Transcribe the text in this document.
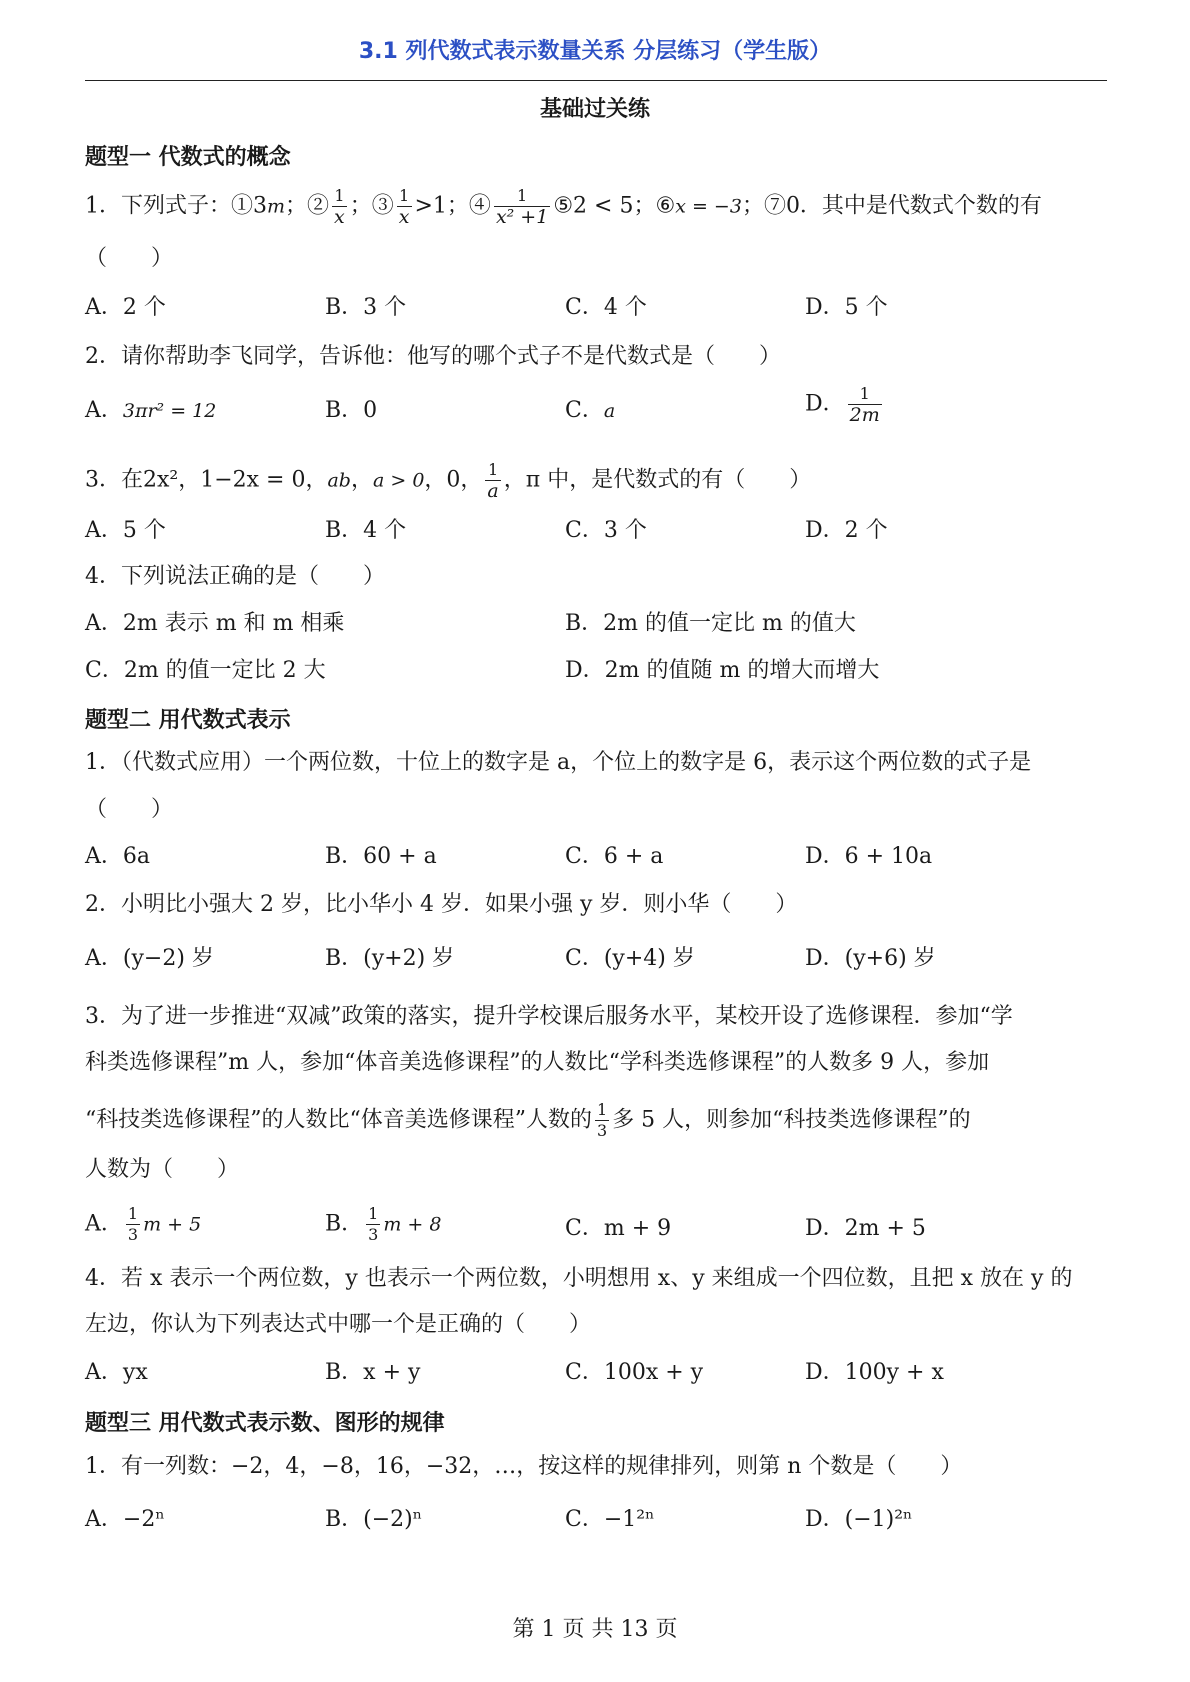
3.1 列代数式表示数量关系 分层练习（学生版）
基础过关练
题型一 代数式的概念
1．下列式子：①3m；② $\frac{1}{x}$ ；③ $\frac{1}{x} >1$；④ $\frac{1}{\text{x² +1}}$ ⑤2 < 5；⑥x = −3；⑦0．其中是代数式个数的有
（　　）
A．2 个	B．3 个	C．4 个	D．5 个
2．请你帮助李飞同学，告诉他：他写的哪个式子不是代数式是（　　）
A．3πr² = 12	B．0	C．a	D． $\frac{1}{2m}$
3．在2x²，1−2x = 0，ab，a > 0，0， $\frac{1}{a}$ ，π 中，是代数式的有（　　）
A．5 个	B．4 个	C．3 个	D．2 个
4．下列说法正确的是（　　）
A．2m 表示 m 和 m 相乘	B．2m 的值一定比 m 的值大
C．2m 的值一定比 2 大	D．2m 的值随 m 的增大而增大
题型二 用代数式表示
1．（代数式应用）一个两位数，十位上的数字是 a，个位上的数字是 6，表示这个两位数的式子是
（　　）
A．6a	B．60 + a	C．6 + a	D．6 + 10a
2．小明比小强大 2 岁，比小华小 4 岁．如果小强 y 岁．则小华（　　）
A．(y−2) 岁	B．(y+2) 岁	C．(y+4) 岁	D．(y+6) 岁
3．为了进一步推进“双减”政策的落实，提升学校课后服务水平，某校开设了选修课程．参加“学
科类选修课程”m 人，参加“体音美选修课程”的人数比“学科类选修课程”的人数多 9 人，参加
“科技类选修课程”的人数比“体音美选修课程”人数的 $\frac{1}{3}$ 多 5 人，则参加“科技类选修课程”的
人数为（　　）
A． $\frac{1}{3}$ m + 5	B． $\frac{1}{3}$ m + 8	C．m + 9	D．2m + 5
4．若 x 表示一个两位数，y 也表示一个两位数，小明想用 x、y 来组成一个四位数，且把 x 放在 y 的
左边，你认为下列表达式中哪一个是正确的（　　）
A．yx	B．x + y	C．100x + y	D．100y + x
题型三 用代数式表示数、图形的规律
1．有一列数：−2，4，−8，16，−32，…，按这样的规律排列，则第 n 个数是（　　）
A．−2ⁿ	B．(−2)ⁿ	C．−1²ⁿ	D．(−1)²ⁿ
第 1 页 共 13 页
